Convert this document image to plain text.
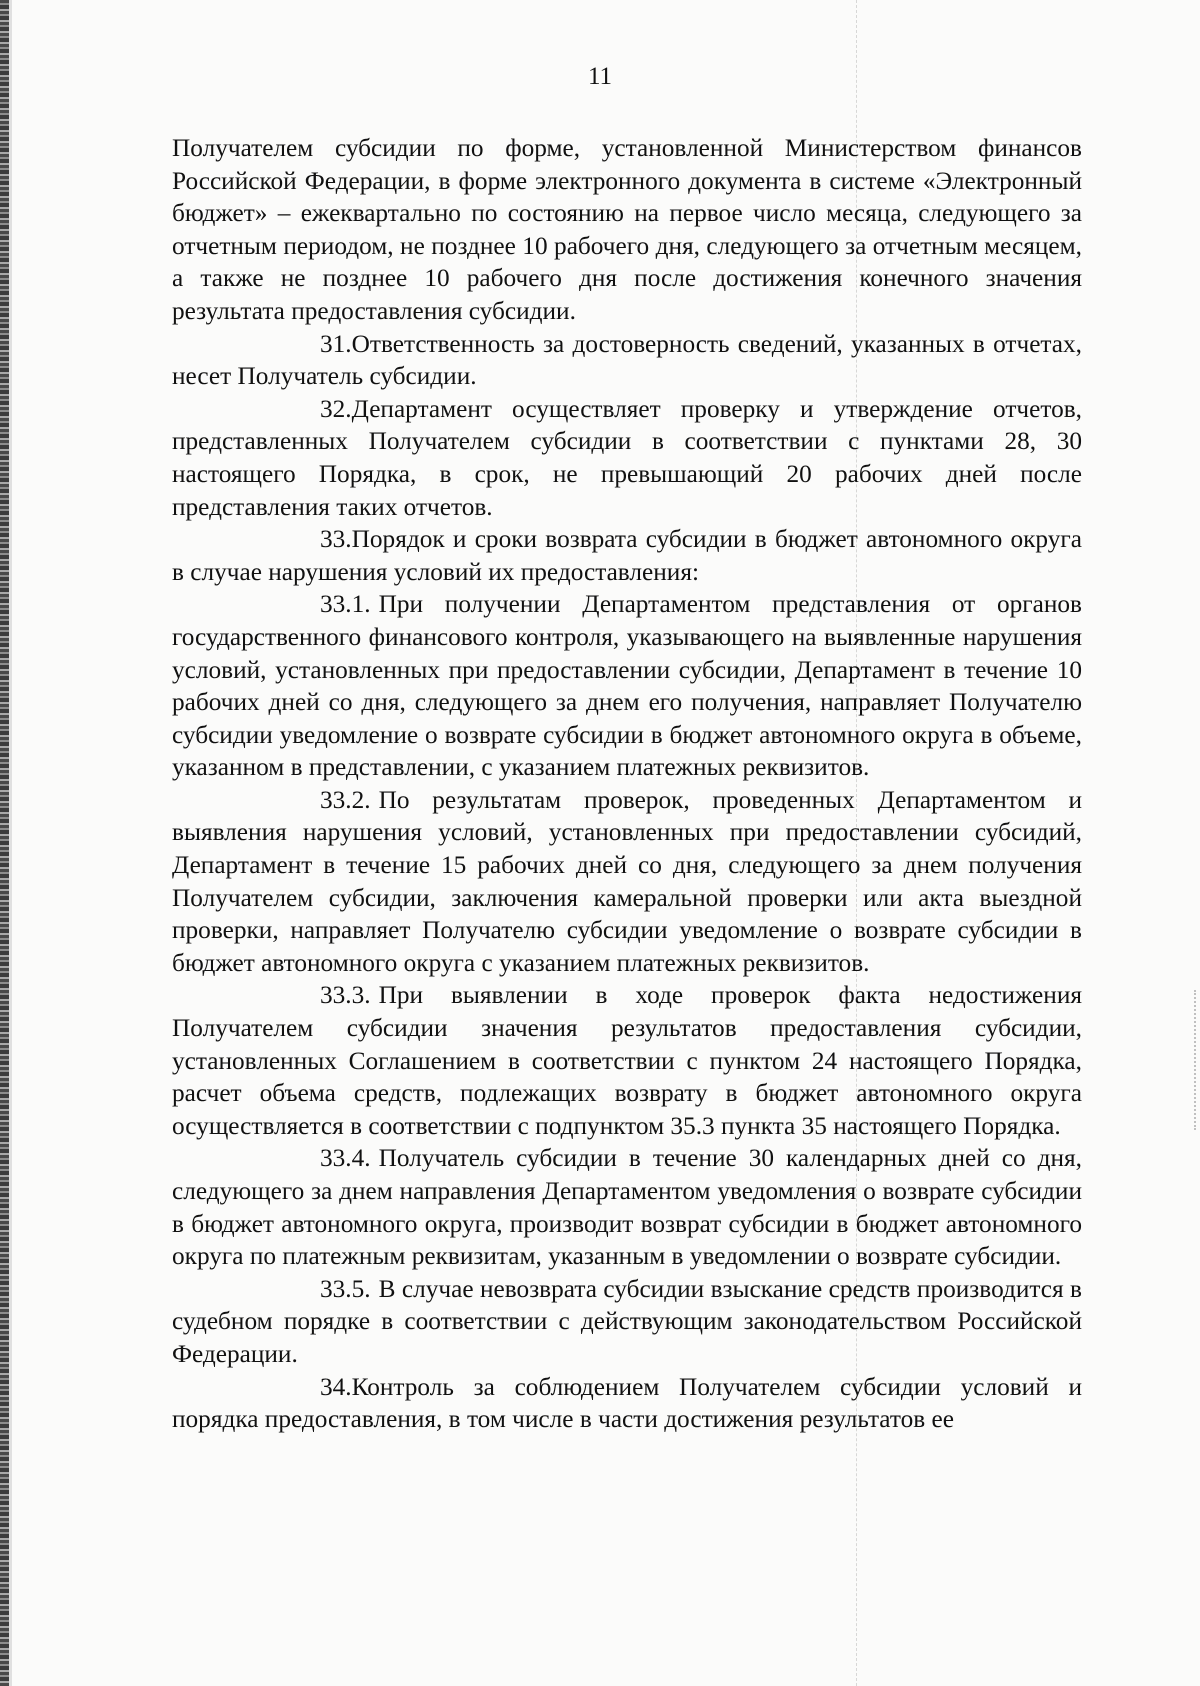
11

Получателем субсидии по форме, установленной Министерством финансов Российской Федерации, в форме электронного документа в системе «Электронный бюджет» – ежеквартально по состоянию на первое число месяца, следующего за отчетным периодом, не позднее 10 рабочего дня, следующего за отчетным месяцем, а также не позднее 10 рабочего дня после достижения конечного значения результата предоставления субсидии.

31.Ответственность за достоверность сведений, указанных в отчетах, несет Получатель субсидии.

32.Департамент осуществляет проверку и утверждение отчетов, представленных Получателем субсидии в соответствии с пунктами 28, 30 настоящего Порядка, в срок, не превышающий 20 рабочих дней после представления таких отчетов.

33.Порядок и сроки возврата субсидии в бюджет автономного округа в случае нарушения условий их предоставления:

33.1. При получении Департаментом представления от органов государственного финансового контроля, указывающего на выявленные нарушения условий, установленных при предоставлении субсидии, Департамент в течение 10 рабочих дней со дня, следующего за днем его получения, направляет Получателю субсидии уведомление о возврате субсидии в бюджет автономного округа в объеме, указанном в представлении, с указанием платежных реквизитов.

33.2. По результатам проверок, проведенных Департаментом и выявления нарушения условий, установленных при предоставлении субсидий, Департамент в течение 15 рабочих дней со дня, следующего за днем получения Получателем субсидии, заключения камеральной проверки или акта выездной проверки, направляет Получателю субсидии уведомление о возврате субсидии в бюджет автономного округа с указанием платежных реквизитов.

33.3. При выявлении в ходе проверок факта недостижения Получателем субсидии значения результатов предоставления субсидии, установленных Соглашением в соответствии с пунктом 24 настоящего Порядка, расчет объема средств, подлежащих возврату в бюджет автономного округа осуществляется в соответствии с подпунктом 35.3 пункта 35 настоящего Порядка.

33.4. Получатель субсидии в течение 30 календарных дней со дня, следующего за днем направления Департаментом уведомления о возврате субсидии в бюджет автономного округа, производит возврат субсидии в бюджет автономного округа по платежным реквизитам, указанным в уведомлении о возврате субсидии.

33.5. В случае невозврата субсидии взыскание средств производится в судебном порядке в соответствии с действующим законодательством Российской Федерации.

34.Контроль за соблюдением Получателем субсидии условий и порядка предоставления, в том числе в части достижения результатов ее
